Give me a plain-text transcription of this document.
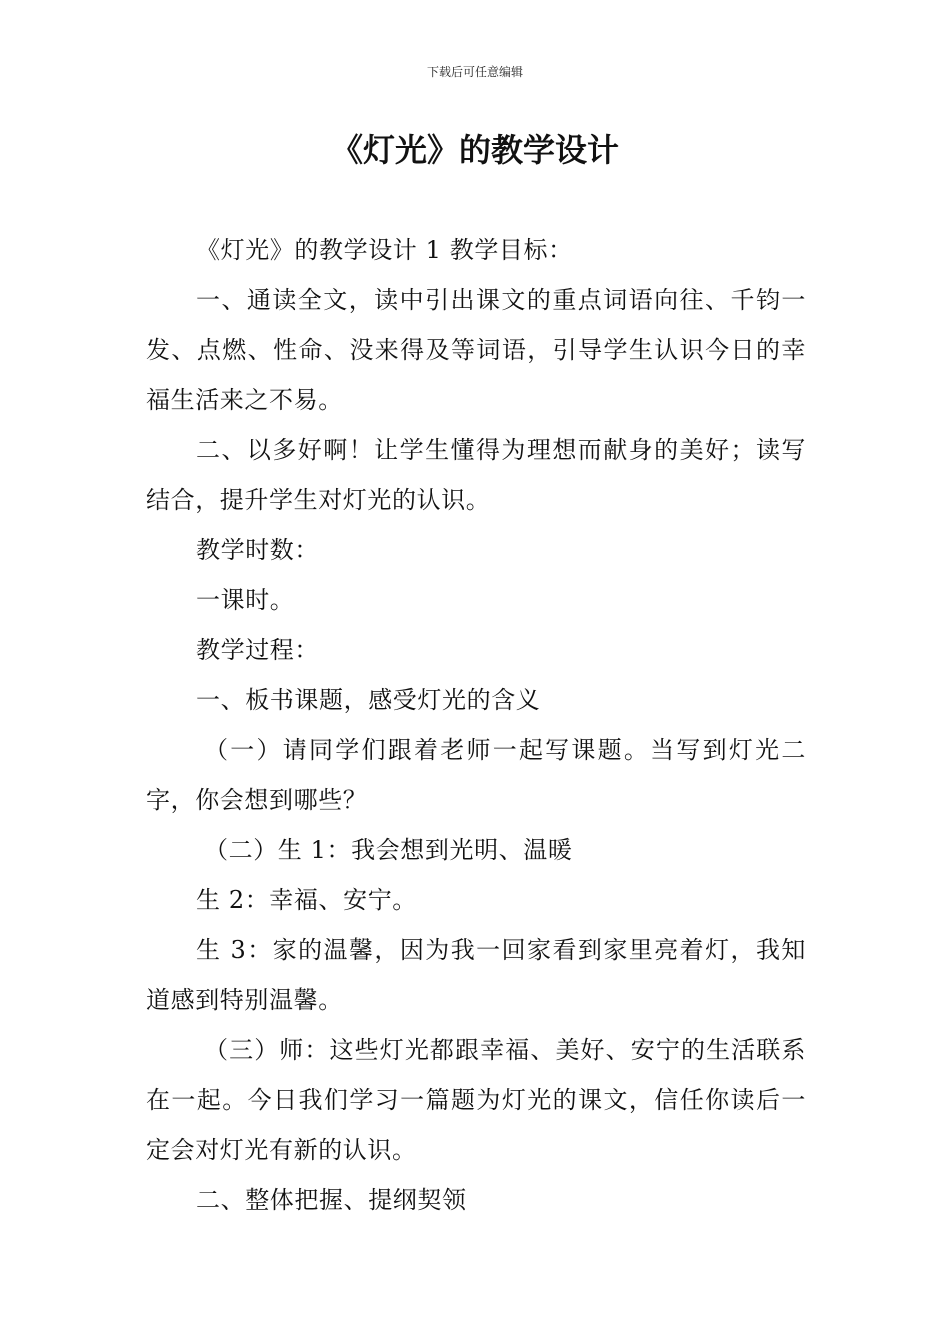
下载后可任意编辑
《灯光》的教学设计

《灯光》的教学设计 1 教学目标：

一、通读全文，读中引出课文的重点词语向往、千钧一发、点燃、性命、没来得及等词语，引导学生认识今日的幸福生活来之不易。

二、以多好啊！让学生懂得为理想而献身的美好；读写结合，提升学生对灯光的认识。

教学时数：

一课时。

教学过程：

一、板书课题，感受灯光的含义

（一）请同学们跟着老师一起写课题。当写到灯光二字，你会想到哪些？

（二）生 1：我会想到光明、温暖

生 2：幸福、安宁。

生 3：家的温馨，因为我一回家看到家里亮着灯，我知道感到特别温馨。

（三）师：这些灯光都跟幸福、美好、安宁的生活联系在一起。今日我们学习一篇题为灯光的课文，信任你读后一定会对灯光有新的认识。

二、整体把握、提纲契领
